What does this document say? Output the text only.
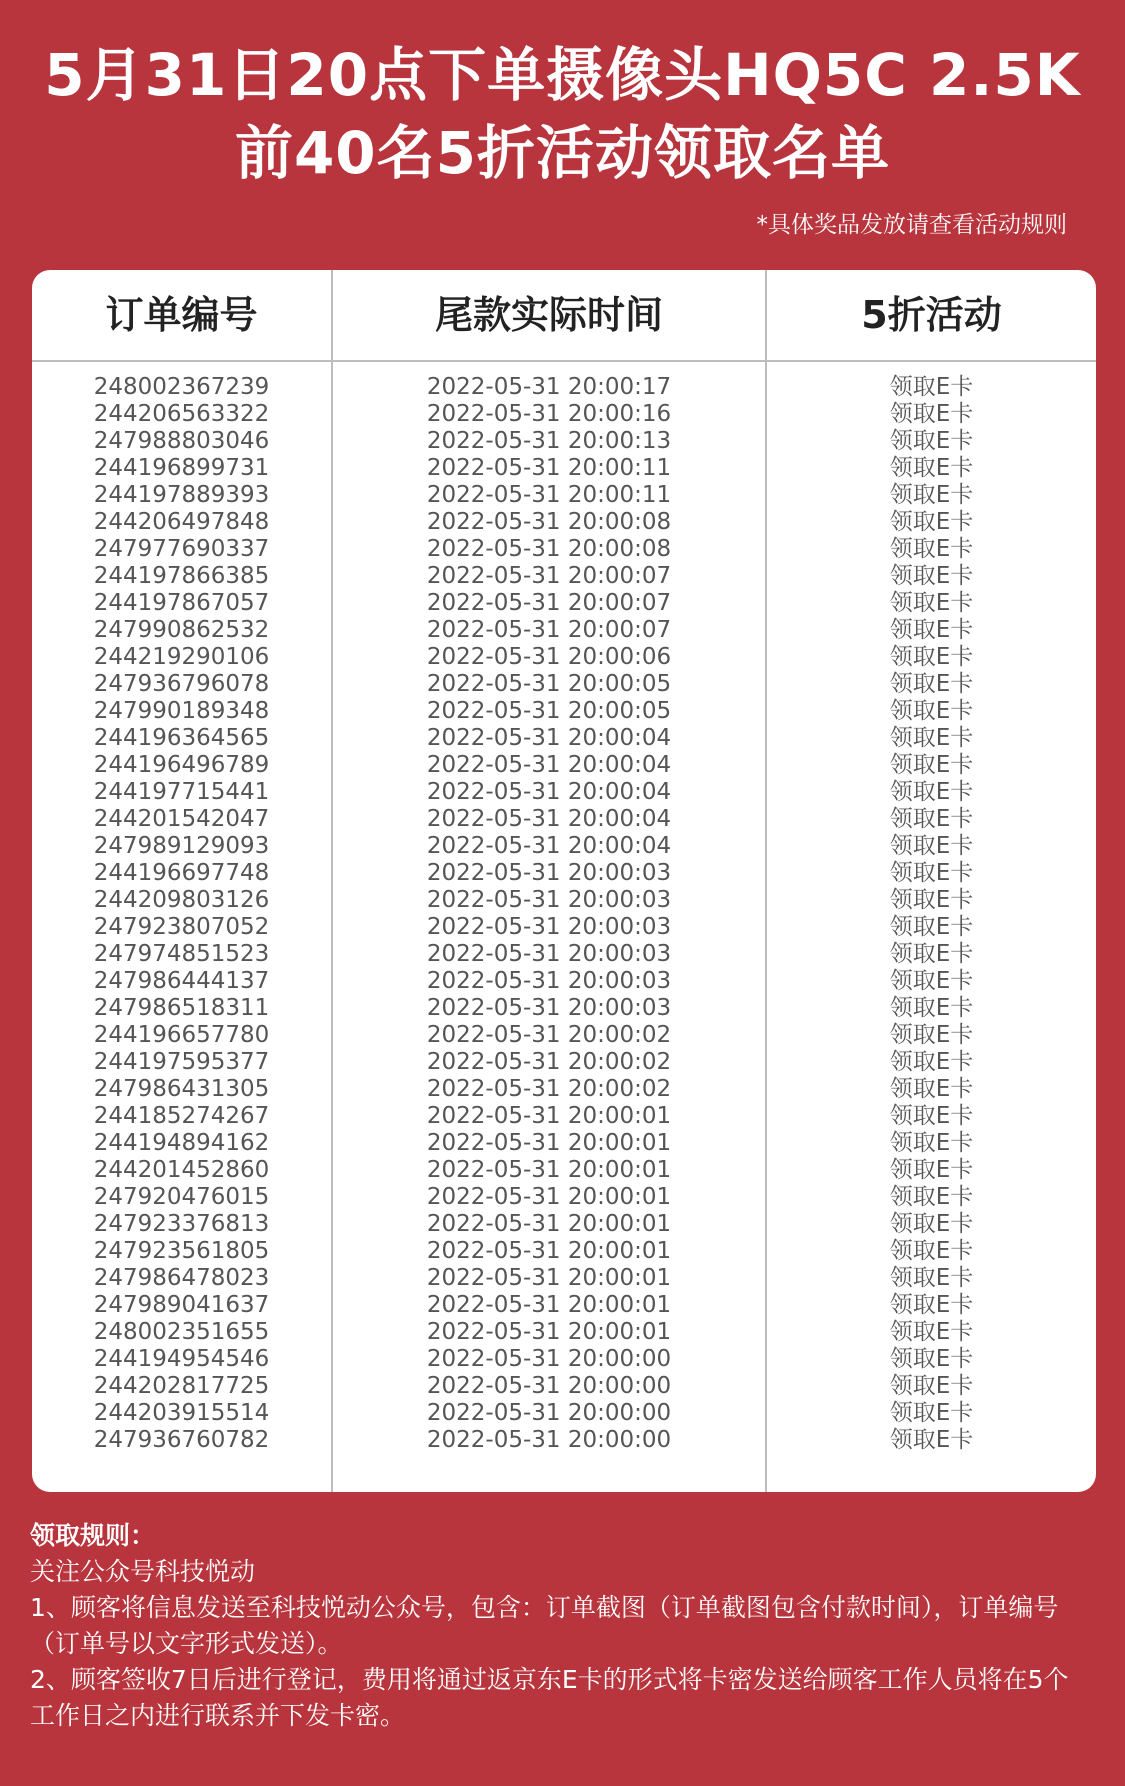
5月31日20点下单摄像头HQ5C 2.5K
前40名5折活动领取名单
*具体奖品发放请查看活动规则
订单编号	尾款实际时间	5折活动
248002367239	2022-05-31 20:00:17	领取E卡
244206563322	2022-05-31 20:00:16	领取E卡
247988803046	2022-05-31 20:00:13	领取E卡
244196899731	2022-05-31 20:00:11	领取E卡
244197889393	2022-05-31 20:00:11	领取E卡
244206497848	2022-05-31 20:00:08	领取E卡
247977690337	2022-05-31 20:00:08	领取E卡
244197866385	2022-05-31 20:00:07	领取E卡
244197867057	2022-05-31 20:00:07	领取E卡
247990862532	2022-05-31 20:00:07	领取E卡
244219290106	2022-05-31 20:00:06	领取E卡
247936796078	2022-05-31 20:00:05	领取E卡
247990189348	2022-05-31 20:00:05	领取E卡
244196364565	2022-05-31 20:00:04	领取E卡
244196496789	2022-05-31 20:00:04	领取E卡
244197715441	2022-05-31 20:00:04	领取E卡
244201542047	2022-05-31 20:00:04	领取E卡
247989129093	2022-05-31 20:00:04	领取E卡
244196697748	2022-05-31 20:00:03	领取E卡
244209803126	2022-05-31 20:00:03	领取E卡
247923807052	2022-05-31 20:00:03	领取E卡
247974851523	2022-05-31 20:00:03	领取E卡
247986444137	2022-05-31 20:00:03	领取E卡
247986518311	2022-05-31 20:00:03	领取E卡
244196657780	2022-05-31 20:00:02	领取E卡
244197595377	2022-05-31 20:00:02	领取E卡
247986431305	2022-05-31 20:00:02	领取E卡
244185274267	2022-05-31 20:00:01	领取E卡
244194894162	2022-05-31 20:00:01	领取E卡
244201452860	2022-05-31 20:00:01	领取E卡
247920476015	2022-05-31 20:00:01	领取E卡
247923376813	2022-05-31 20:00:01	领取E卡
247923561805	2022-05-31 20:00:01	领取E卡
247986478023	2022-05-31 20:00:01	领取E卡
247989041637	2022-05-31 20:00:01	领取E卡
248002351655	2022-05-31 20:00:01	领取E卡
244194954546	2022-05-31 20:00:00	领取E卡
244202817725	2022-05-31 20:00:00	领取E卡
244203915514	2022-05-31 20:00:00	领取E卡
247936760782	2022-05-31 20:00:00	领取E卡
领取规则：
关注公众号科技悦动
1、顾客将信息发送至科技悦动公众号，包含：订单截图（订单截图包含付款时间），订单编号（订单号以文字形式发送）。
2、顾客签收7日后进行登记，费用将通过返京东E卡的形式将卡密发送给顾客工作人员将在5个工作日之内进行联系并下发卡密。
